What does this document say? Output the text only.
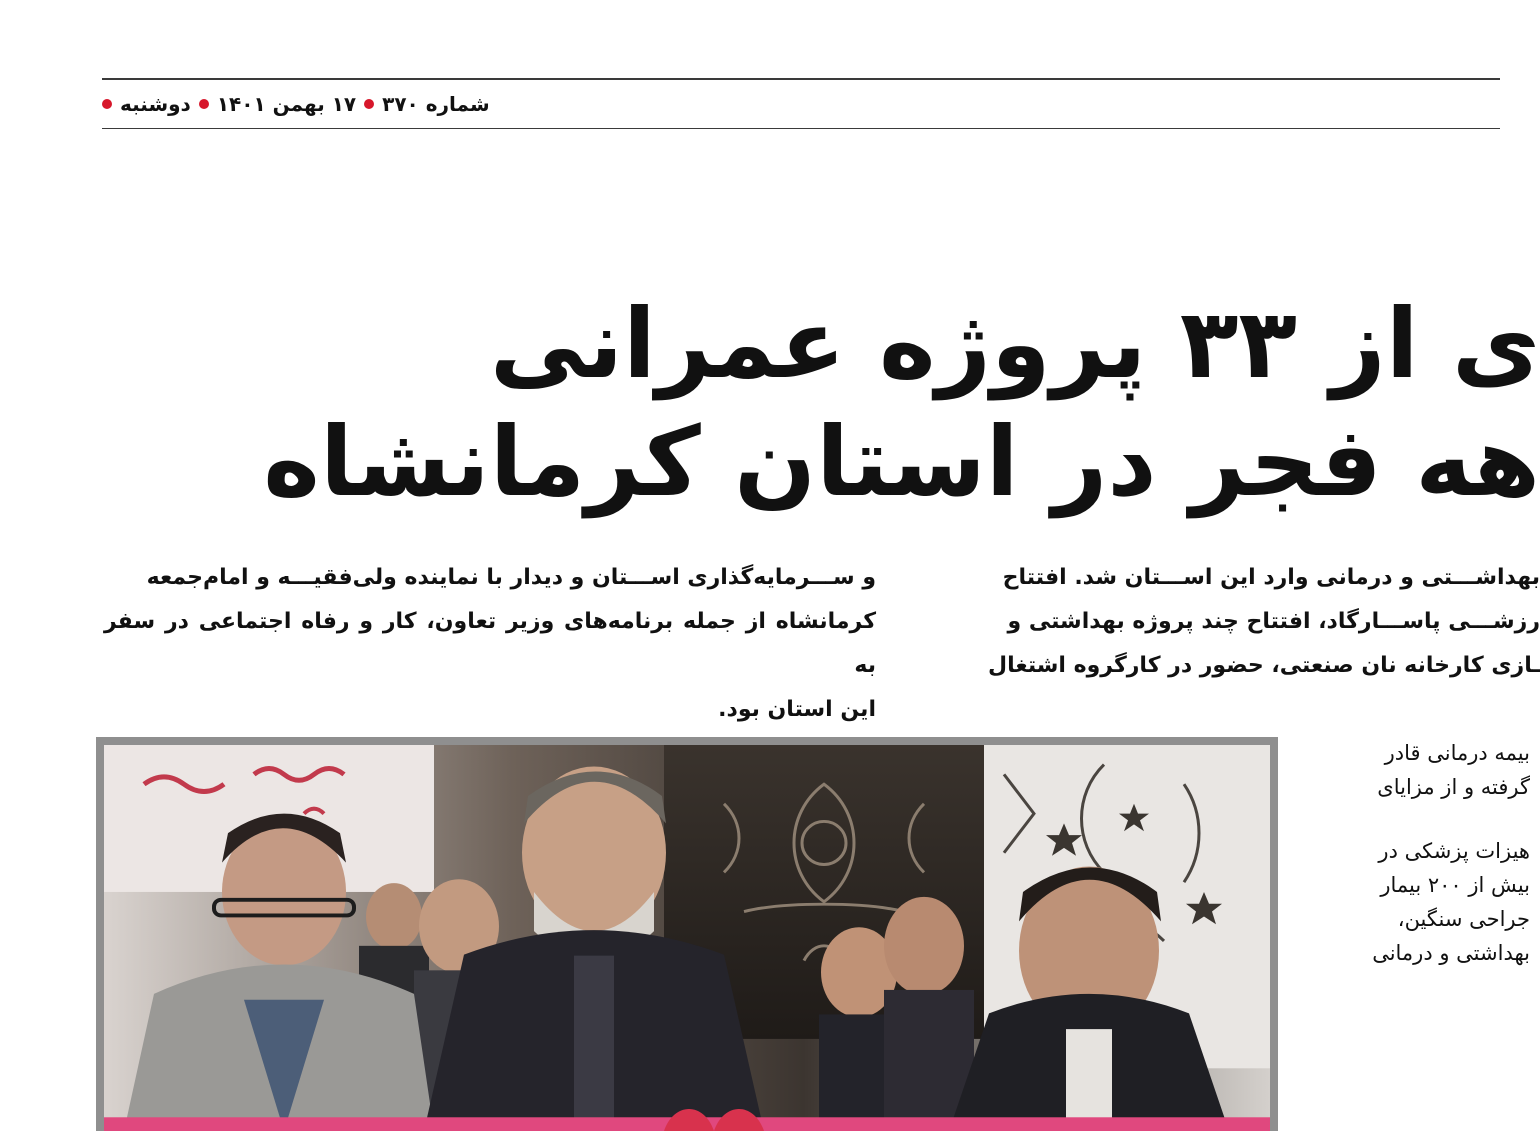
دوشنبه ۱۷ بهمن ۱۴۰۱ شماره ۳۷۰
ی از ۳۳ پروژه عمرانی
هه فجر در استان کرمانشاه
بهداشـــتی و درمانی وارد این اســـتان شد. افتتاح
رزشـــی پاســـارگاد، افتتاح چند پروژه بهداشتی و
ـازی کارخانه نان صنعتی، حضور در کارگروه اشتغال
و ســـرمایه‌گذاری اســـتان و دیدار با نماینده ولی‌فقیـــه و امام‌جمعه
کرمانشاه از جمله برنامه‌های وزیر تعاون، کار و رفاه اجتماعی در سفر به
این استان بود.

بیمه درمانی قادر
گرفته و از مزایای

هیزات پزشکی در
بیش از ۲۰۰ بیمار
جراحی سنگین،
بهداشتی و درمانی
